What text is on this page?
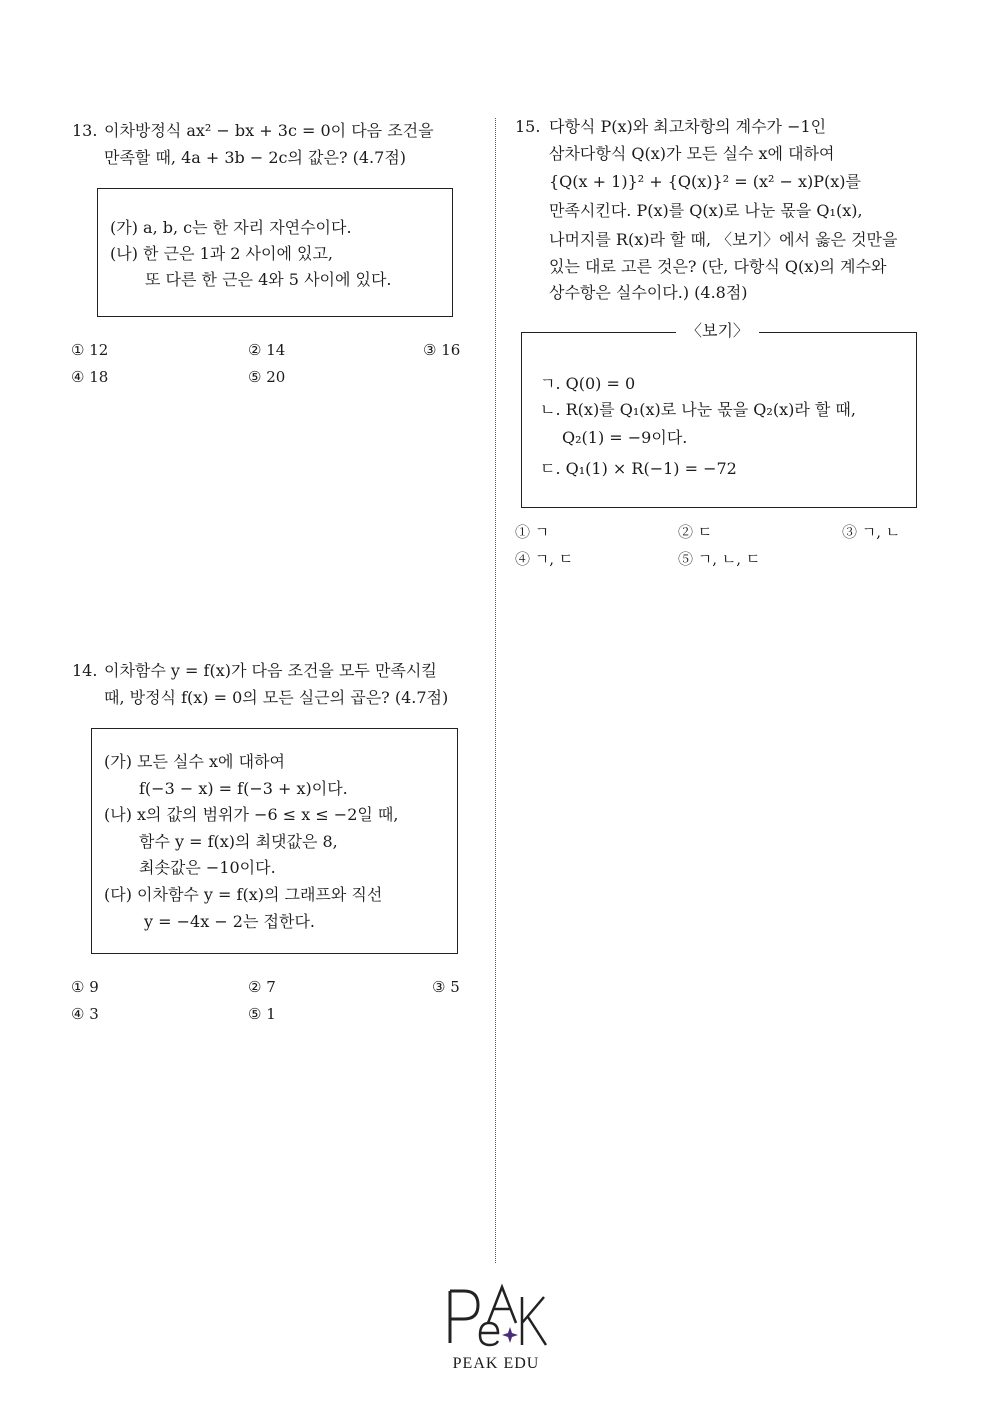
13. 이차방정식 ax² − bx + 3c = 0이 다음 조건을
만족할 때, 4a + 3b − 2c의 값은? (4.7점)
(가) a, b, c는 한 자리 자연수이다.
(나) 한 근은 1과 2 사이에 있고,
또 다른 한 근은 4와 5 사이에 있다.
① 12	② 14	③ 16
④ 18	⑤ 20
14. 이차함수 y = f(x)가 다음 조건을 모두 만족시킬
때, 방정식 f(x) = 0의 모든 실근의 곱은? (4.7점)
(가) 모든 실수 x에 대하여
f(−3 − x) = f(−3 + x)이다.
(나) x의 값의 범위가 −6 ≤ x ≤ −2일 때,
함수 y = f(x)의 최댓값은 8,
최솟값은 −10이다.
(다) 이차함수 y = f(x)의 그래프와 직선
y = −4x − 2는 접한다.
① 9	② 7	③ 5
④ 3	⑤ 1
15. 다항식 P(x)와 최고차항의 계수가 −1인
삼차다항식 Q(x)가 모든 실수 x에 대하여
{Q(x + 1)}² + {Q(x)}² = (x² − x)P(x)를
만족시킨다. P(x)를 Q(x)로 나눈 몫을 Q₁(x),
나머지를 R(x)라 할 때, 〈보기〉에서 옳은 것만을
있는 대로 고른 것은? (단, 다항식 Q(x)의 계수와
상수항은 실수이다.) (4.8점)
ㄱ. Q(0) = 0
ㄴ. R(x)를 Q₁(x)로 나눈 몫을 Q₂(x)라 할 때,
Q₂(1) = −9이다.
ㄷ. Q₁(1) × R(−1) = −72
〈보기〉
① ㄱ	② ㄷ	③ ㄱ, ㄴ
④ ㄱ, ㄷ	⑤ ㄱ, ㄴ, ㄷ
PEAK EDU
